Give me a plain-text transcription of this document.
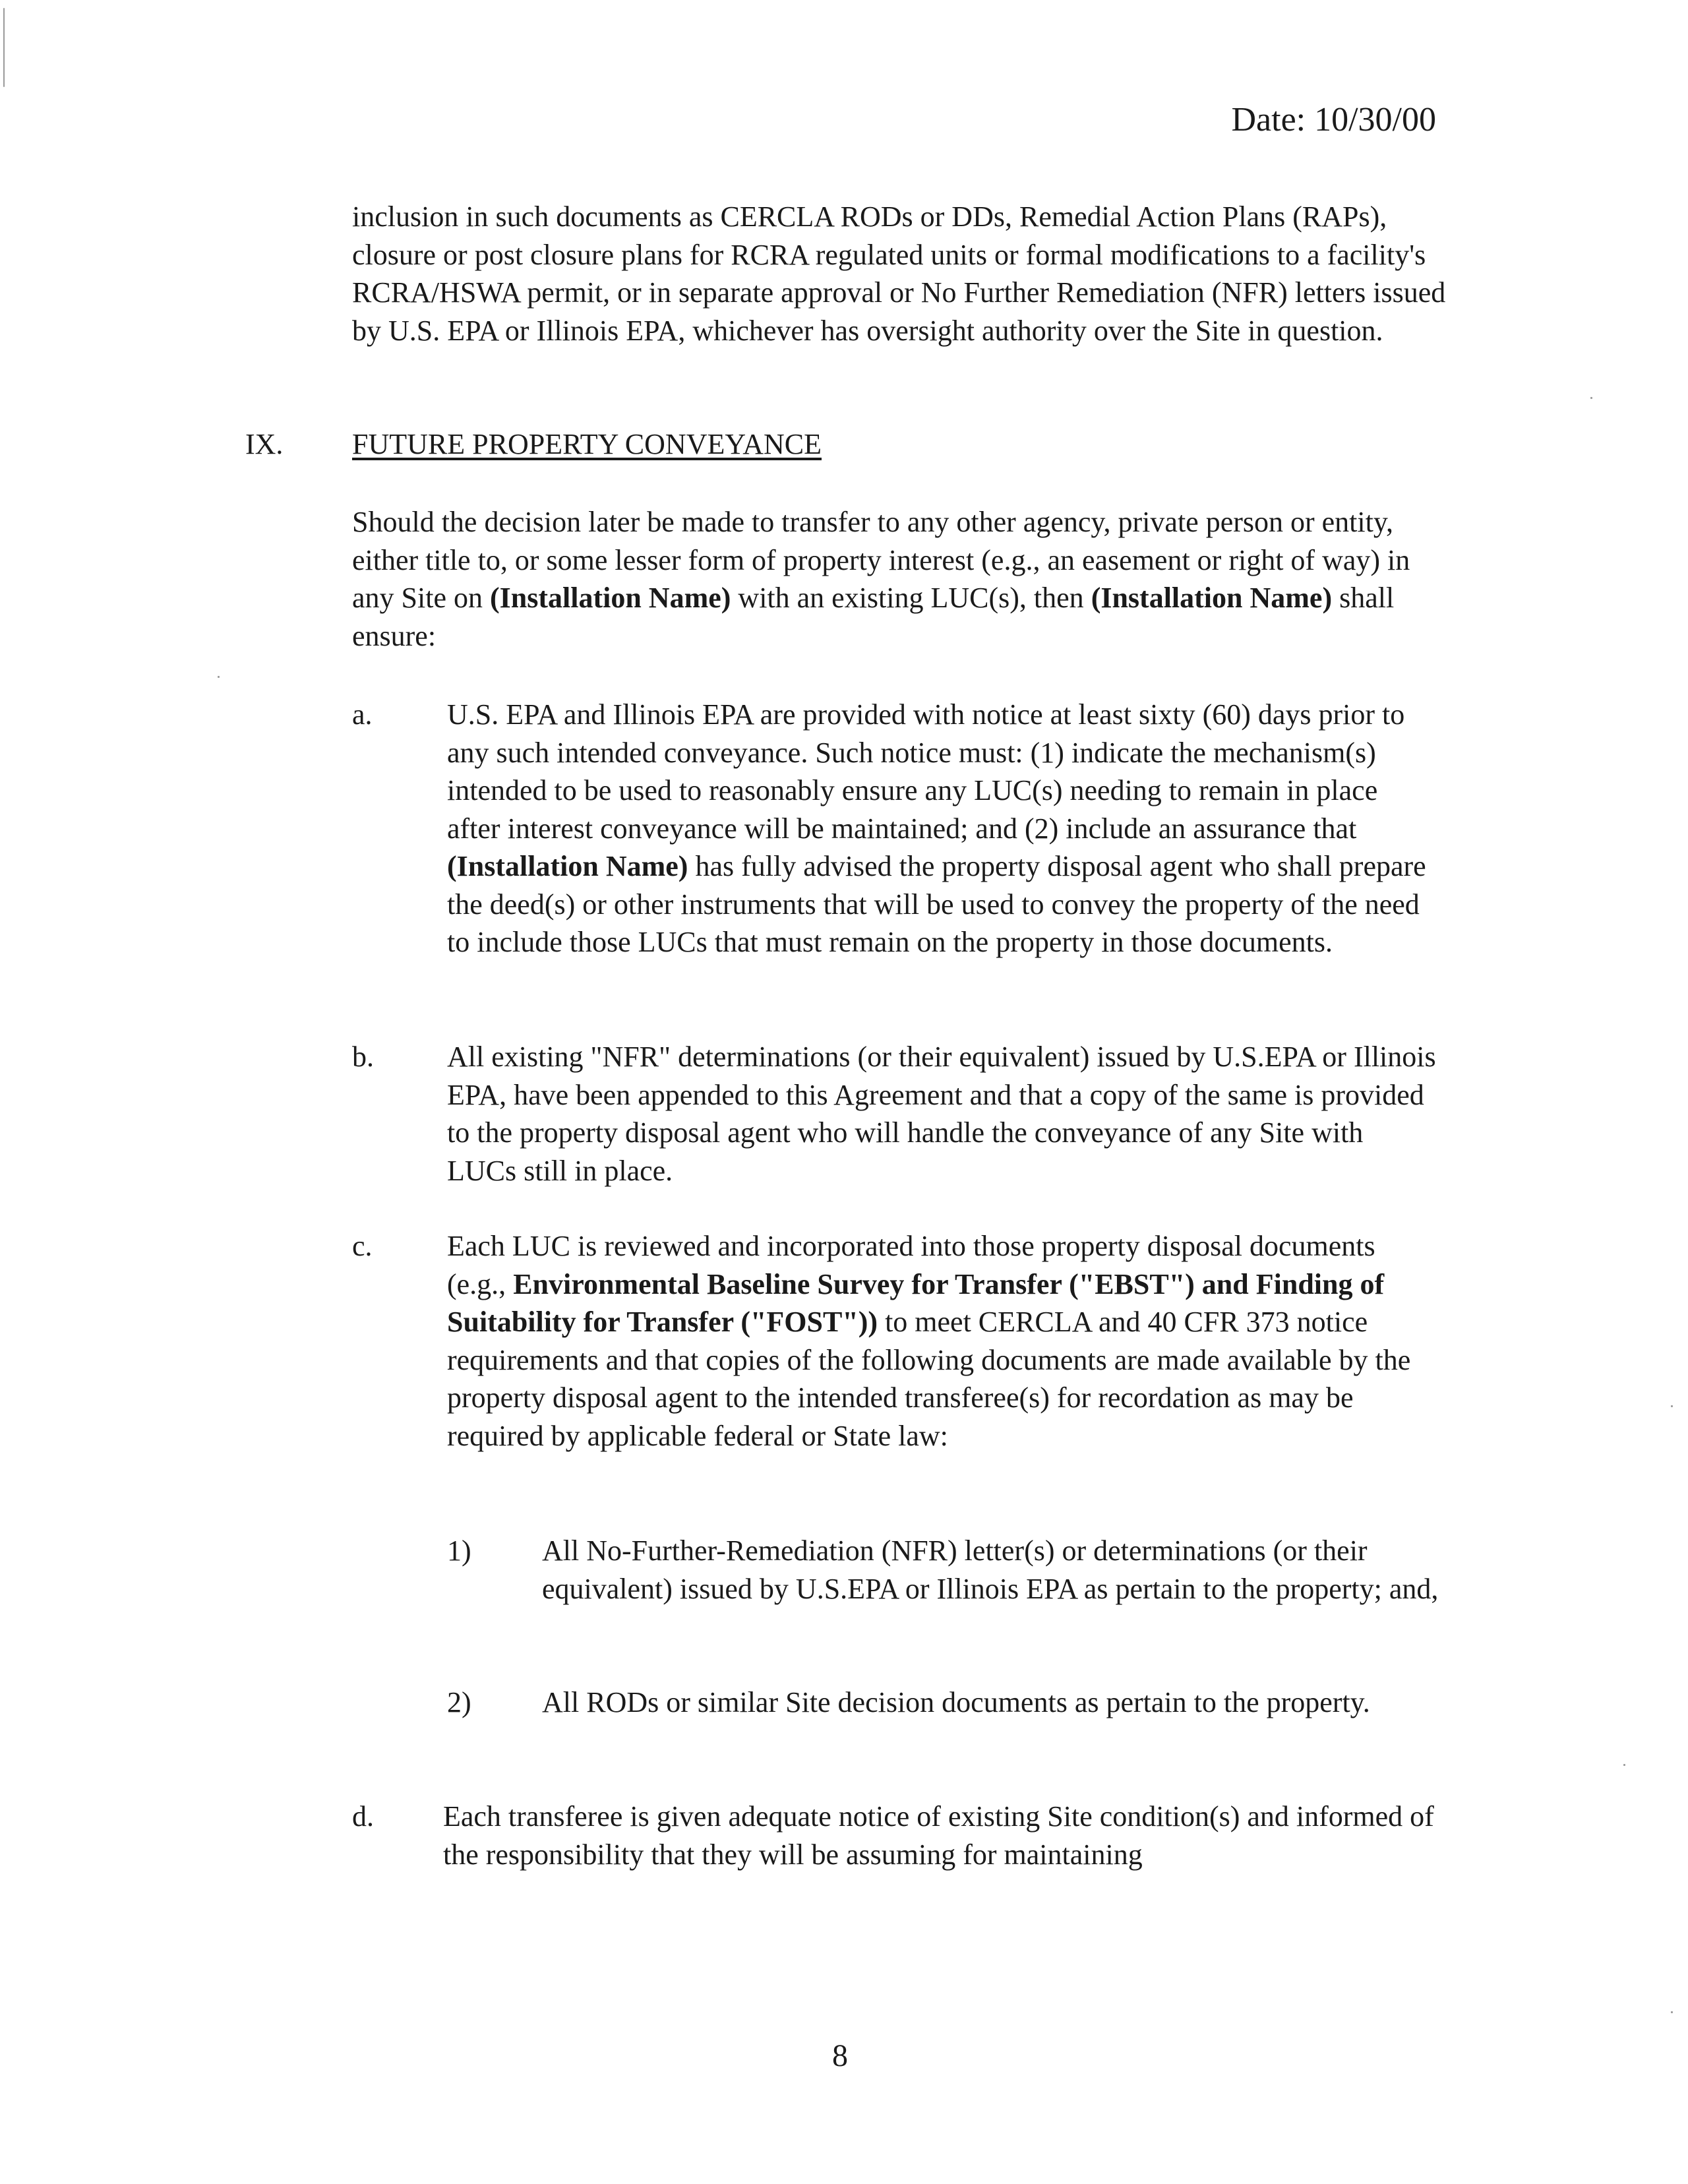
Date: 10/30/00

inclusion in such documents as CERCLA RODs or DDs, Remedial Action Plans (RAPs), closure or post closure plans for RCRA regulated units or formal modifications to a facility's RCRA/HSWA permit, or in separate approval or No Further Remediation (NFR) letters issued by U.S. EPA or Illinois EPA, whichever has oversight authority over the Site in question.

IX. FUTURE PROPERTY CONVEYANCE

Should the decision later be made to transfer to any other agency, private person or entity, either title to, or some lesser form of property interest (e.g., an easement or right of way) in any Site on (Installation Name) with an existing LUC(s), then (Installation Name) shall ensure:

a.	U.S. EPA and Illinois EPA are provided with notice at least sixty (60) days prior to any such intended conveyance. Such notice must: (1) indicate the mechanism(s) intended to be used to reasonably ensure any LUC(s) needing to remain in place after interest conveyance will be maintained; and (2) include an assurance that (Installation Name) has fully advised the property disposal agent who shall prepare the deed(s) or other instruments that will be used to convey the property of the need to include those LUCs that must remain on the property in those documents.

b.	All existing "NFR" determinations (or their equivalent) issued by U.S.EPA or Illinois EPA, have been appended to this Agreement and that a copy of the same is provided to the property disposal agent who will handle the conveyance of any Site with LUCs still in place.

c.	Each LUC is reviewed and incorporated into those property disposal documents (e.g., Environmental Baseline Survey for Transfer ("EBST") and Finding of Suitability for Transfer ("FOST")) to meet CERCLA and 40 CFR 373 notice requirements and that copies of the following documents are made available by the property disposal agent to the intended transferee(s) for recordation as may be required by applicable federal or State law:

1) All No-Further-Remediation (NFR) letter(s) or determinations (or their equivalent) issued by U.S.EPA or Illinois EPA as pertain to the property; and,

2) All RODs or similar Site decision documents as pertain to the property.

d. Each transferee is given adequate notice of existing Site condition(s) and informed of the responsibility that they will be assuming for maintaining

8
